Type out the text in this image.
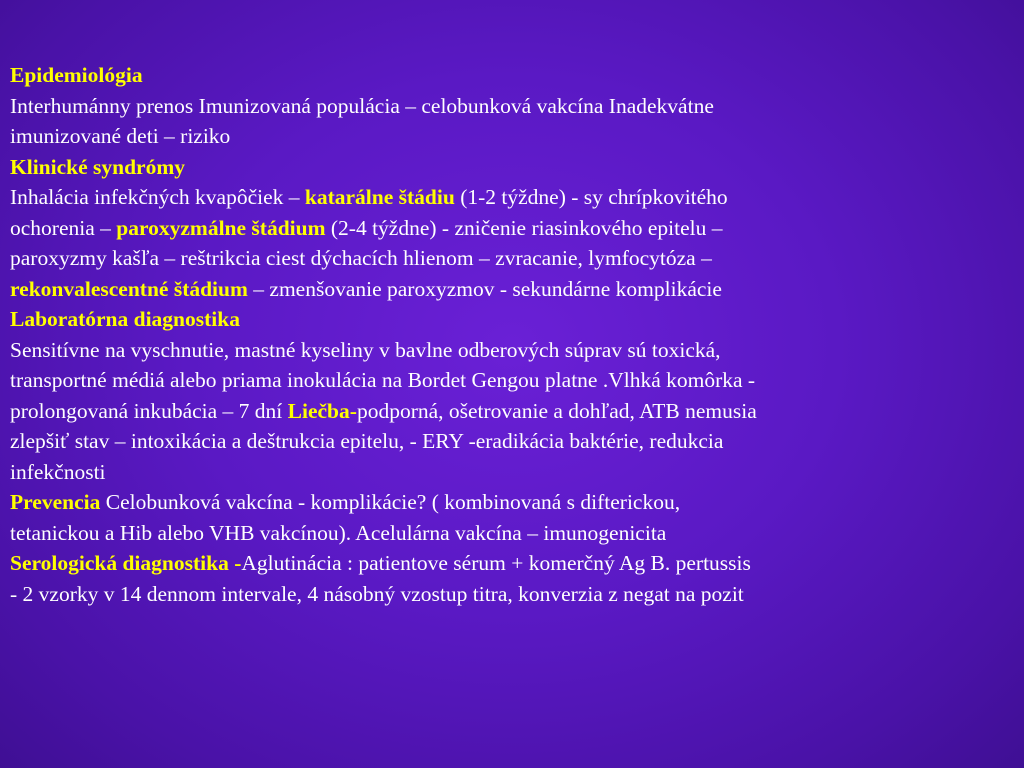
Epidemiológia
Interhumánny prenos Imunizovaná populácia – celobunková vakcína Inadekvátne
imunizované deti – riziko
Klinické syndrómy
Inhalácia infekčných kvapôčiek – katarálne štádiu (1-2 týždne) - sy chrípkovitého
ochorenia – paroxyzmálne štádium (2-4 týždne) - zničenie riasinkového epitelu –
paroxyzmy kašľa – reštrikcia ciest dýchacích hlienom – zvracanie, lymfocytóza –
rekonvalescentné štádium – zmenšovanie paroxyzmov - sekundárne komplikácie
Laboratórna diagnostika
Sensitívne na vyschnutie, mastné kyseliny v bavlne odberových súprav sú toxická,
transportné médiá alebo priama inokulácia na Bordet Gengou platne .Vlhká komôrka -
prolongovaná inkubácia – 7 dní Liečba-podporná, ošetrovanie a dohľad, ATB nemusia
zlepšiť stav – intoxikácia a deštrukcia epitelu, - ERY -eradikácia baktérie, redukcia
infekčnosti
Prevencia Celobunková vakcína - komplikácie? ( kombinovaná s difterickou,
tetanickou a Hib alebo VHB vakcínou). Acelulárna vakcína – imunogenicita
Serologická diagnostika -Aglutinácia : patientove sérum + komerčný Ag B. pertussis
- 2 vzorky v 14 dennom intervale, 4 násobný vzostup titra, konverzia z negat na pozit
